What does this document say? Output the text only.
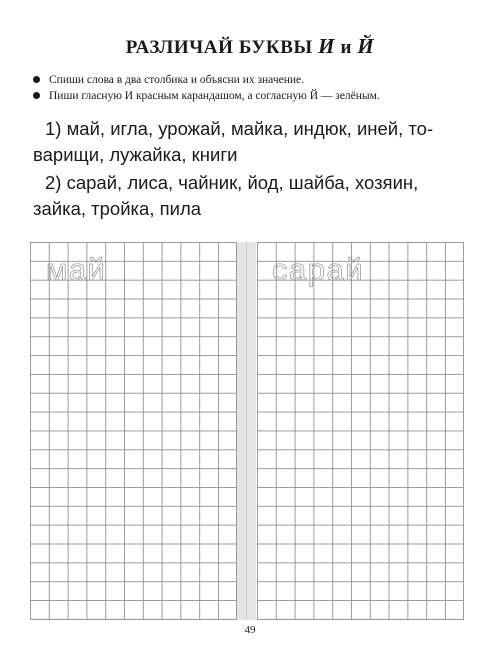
РАЗЛИЧАЙ БУКВЫ И и Й
Спиши слова в два столбика и объясни их значение.
Пиши гласную И красным карандашом, а согласную Й — зелёным.
1) май, игла, урожай, майка, индюк, иней, то-
варищи, лужайка, книги
2) сарай, лиса, чайник, йод, шайба, хозяин,
зайка, тройка, пила
май	сарай
49
